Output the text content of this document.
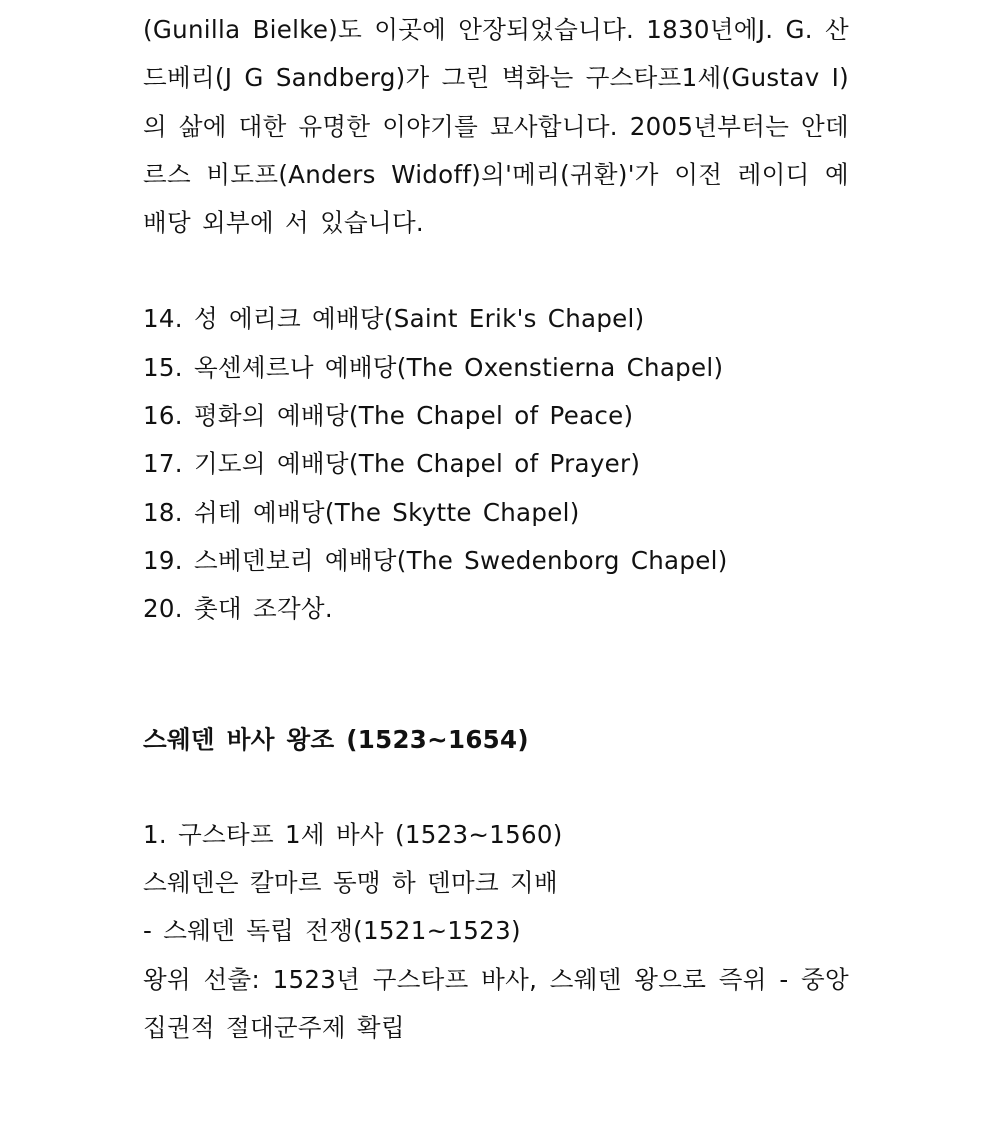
(Gunilla Bielke)도 이곳에 안장되었습니다. 1830년에J. G. 산드베리(J G Sandberg)가 그린 벽화는 구스타프1세(Gustav I)의 삶에 대한 유명한 이야기를 묘사합니다. 2005년부터는 안데르스 비도프(Anders Widoff)의'메리(귀환)'가 이전 레이디 예배당 외부에 서 있습니다.

14. 성 에리크 예배당(Saint Erik's Chapel)
15. 옥센셰르나 예배당(The Oxenstierna Chapel)
16. 평화의 예배당(The Chapel of Peace)
17. 기도의 예배당(The Chapel of Prayer)
18. 쉬테 예배당(The Skytte Chapel)
19. 스베덴보리 예배당(The Swedenborg Chapel)
20. 촛대 조각상.

스웨덴 바사 왕조 (1523~1654)

1. 구스타프 1세 바사 (1523~1560)

스웨덴은 칼마르 동맹 하 덴마크 지배

- 스웨덴 독립 전쟁(1521~1523)

왕위 선출: 1523년 구스타프 바사, 스웨덴 왕으로 즉위 - 중앙집권적 절대군주제 확립
